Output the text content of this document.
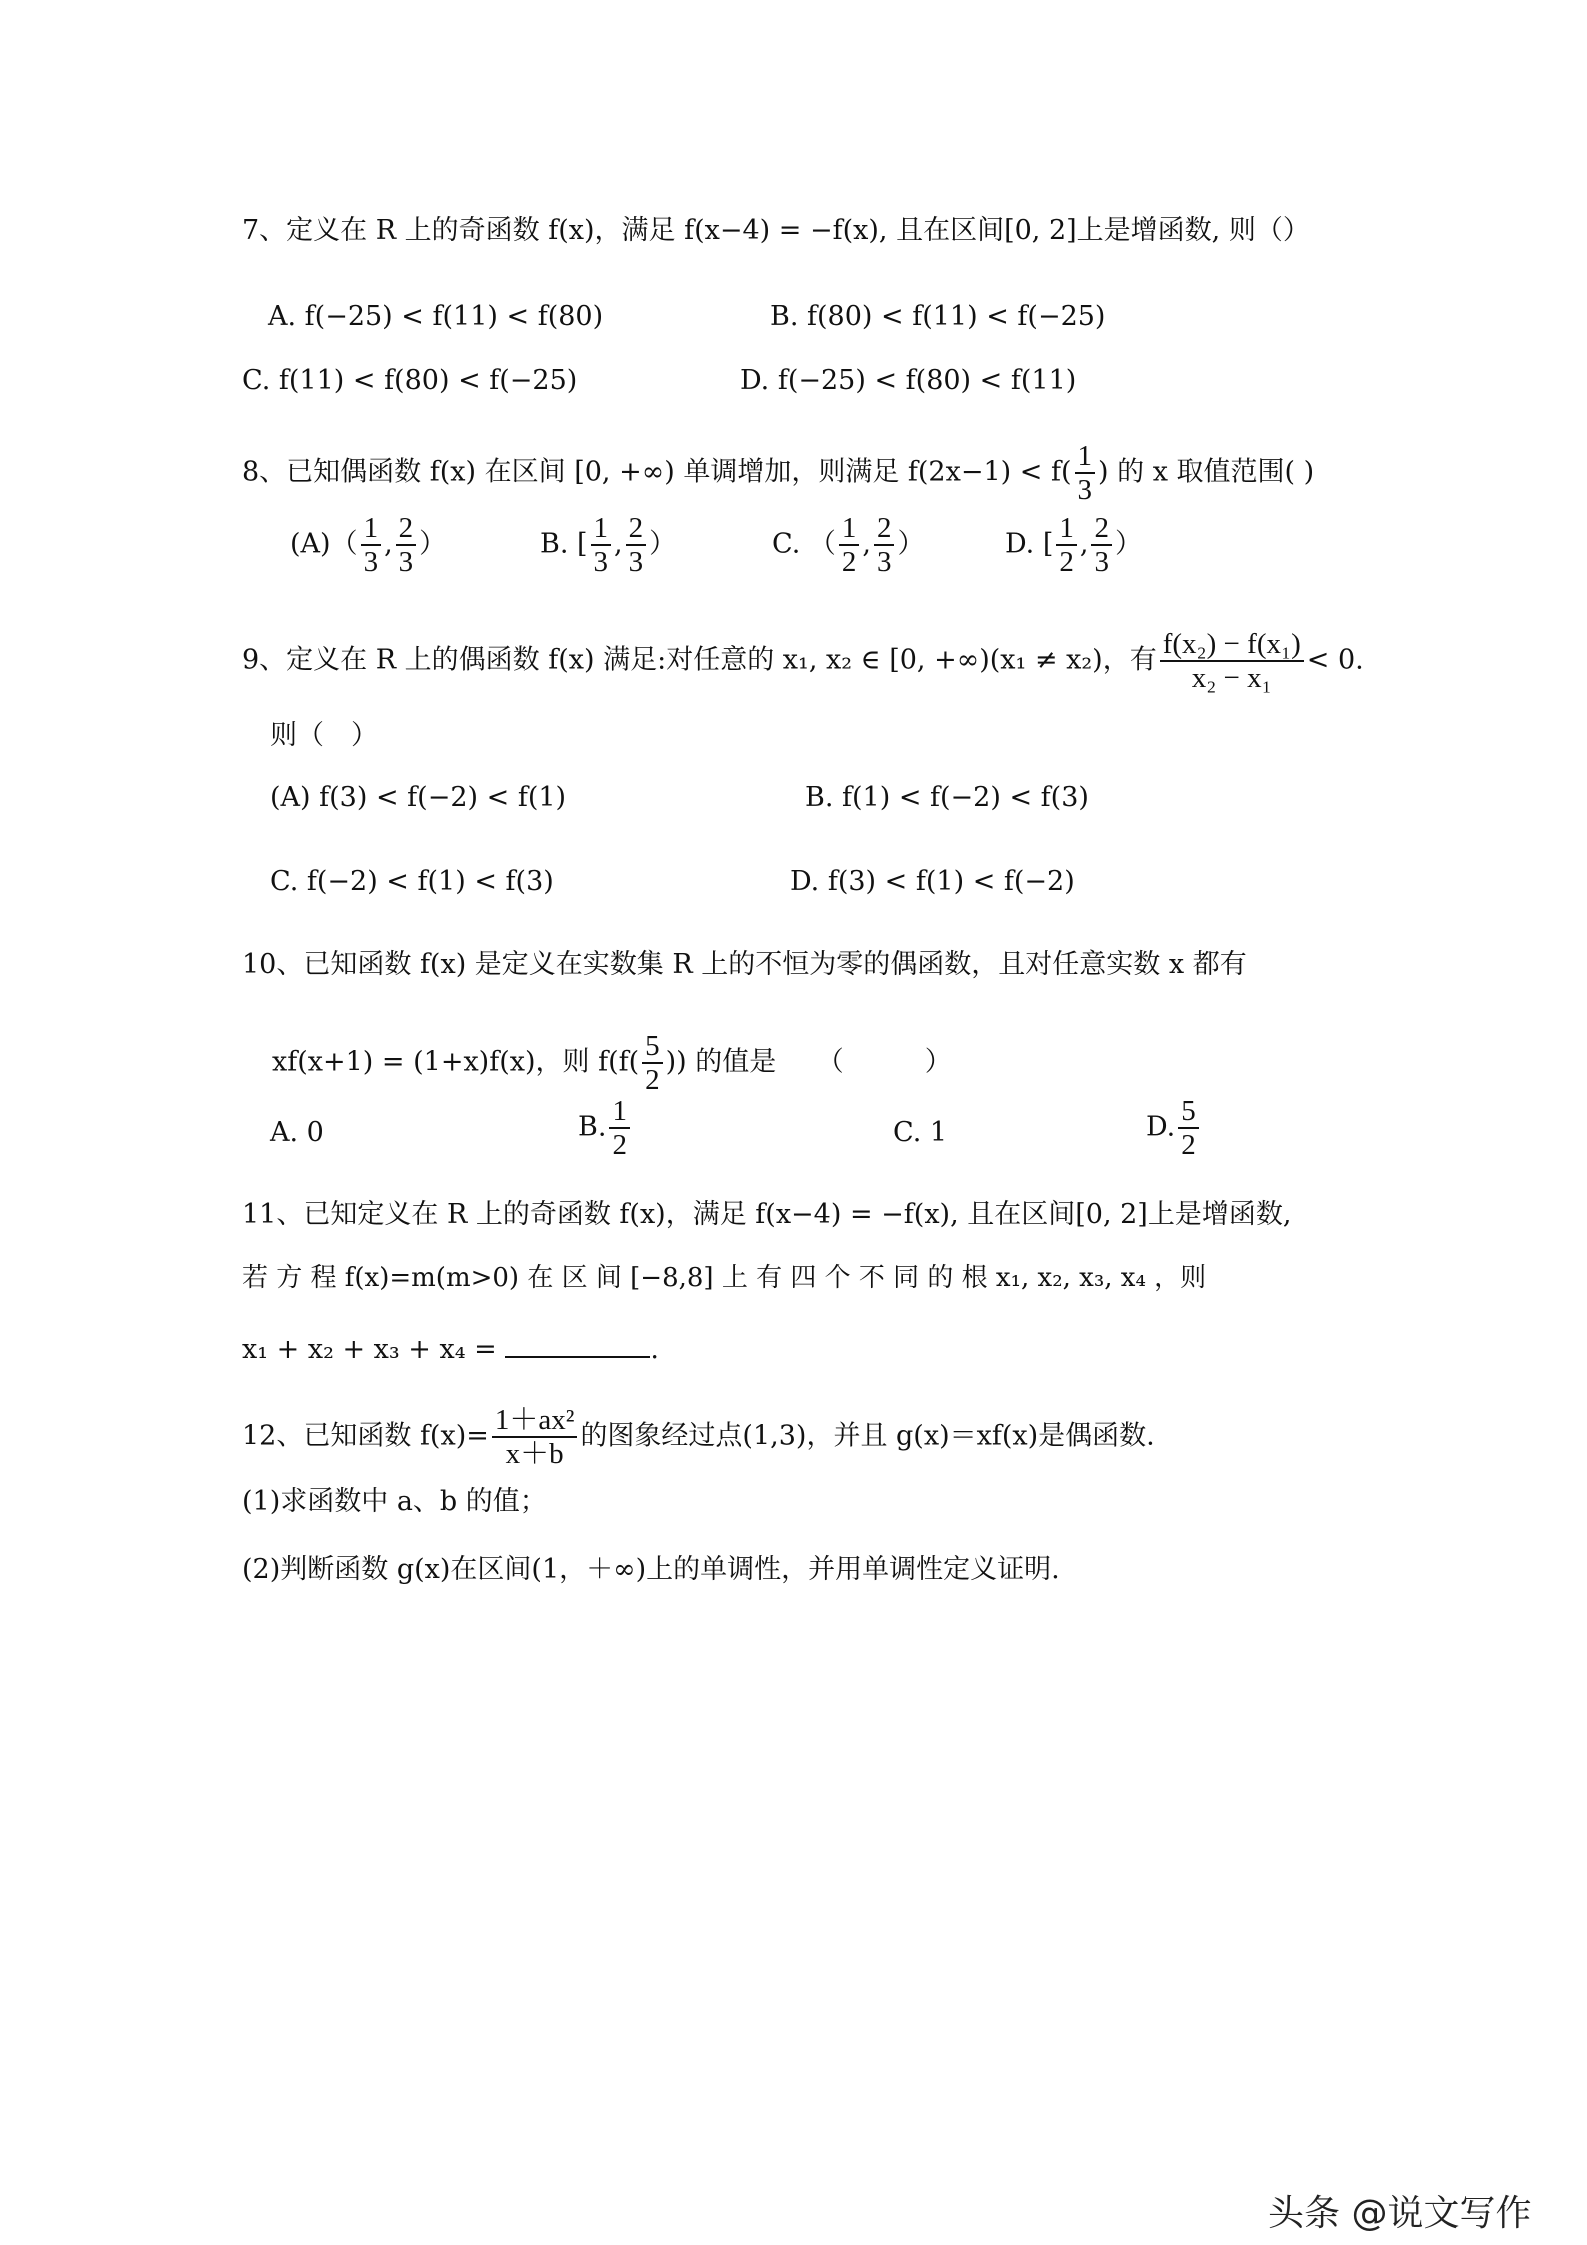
7、定义在 R 上的奇函数 f(x)，满足 f(x−4) = −f(x), 且在区间[0, 2]上是增函数, 则（）
A. f(−25) < f(11) < f(80)	B. f(80) < f(11) < f(−25)
C. f(11) < f(80) < f(−25)	D. f(−25) < f(80) < f(11)
8、已知偶函数 f(x) 在区间 [0, +∞) 单调增加，则满足 $f(2x-1) < f( \frac{1}{3}$ ) 的 x 取值范围( )
$(A)( \frac{1}{3}$ , $\frac{2}{3}$ ）	B. [ $\frac{1}{3}$ , $\frac{2}{3}$ ）	C. （ $\frac{1}{2}$ , $\frac{2}{3}$ ）	D. [ $\frac{1}{2}$ , $\frac{2}{3}$ ）
9、定义在 R 上的偶函数 f(x) 满足:对任意的 x₁, x₂ ∈ [0, +∞)(x₁ ≠ x₂)，有 $\frac{\text{f(x₂) − f(x₁)}}{\text{x₂ − x₁}} < 0$.
则（　）
(A) f(3) < f(−2) < f(1)	B. f(1) < f(−2) < f(3)
C. f(−2) < f(1) < f(3)	D. f(3) < f(1) < f(−2)
10、已知函数 f(x) 是定义在实数集 R 上的不恒为零的偶函数，且对任意实数 x 都有
xf(x+1) = (1+x)f(x)，则 $f(f( \frac{5}{2}$ )) 的值是　　（　　　）
A. 0	B. $\frac{1}{2}$	C. 1	D. $\frac{5}{2}$
11、已知定义在 R 上的奇函数 f(x)，满足 f(x−4) = −f(x), 且在区间[0, 2]上是增函数,
若 方 程 f(x)=m(m>0) 在 区 间 [−8,8] 上 有 四 个 不 同 的 根 x₁, x₂, x₃, x₄ ，则
x₁ + x₂ + x₃ + x₄ =	.
12、已知函数 $f(x)= \frac{\text{1＋ax²}}{x+b}$ 的图象经过点(1,3)，并且 g(x)＝xf(x)是偶函数.
(1)求函数中 a、b 的值；
(2)判断函数 g(x)在区间(1，＋∞)上的单调性，并用单调性定义证明.
头条 @说文写作
